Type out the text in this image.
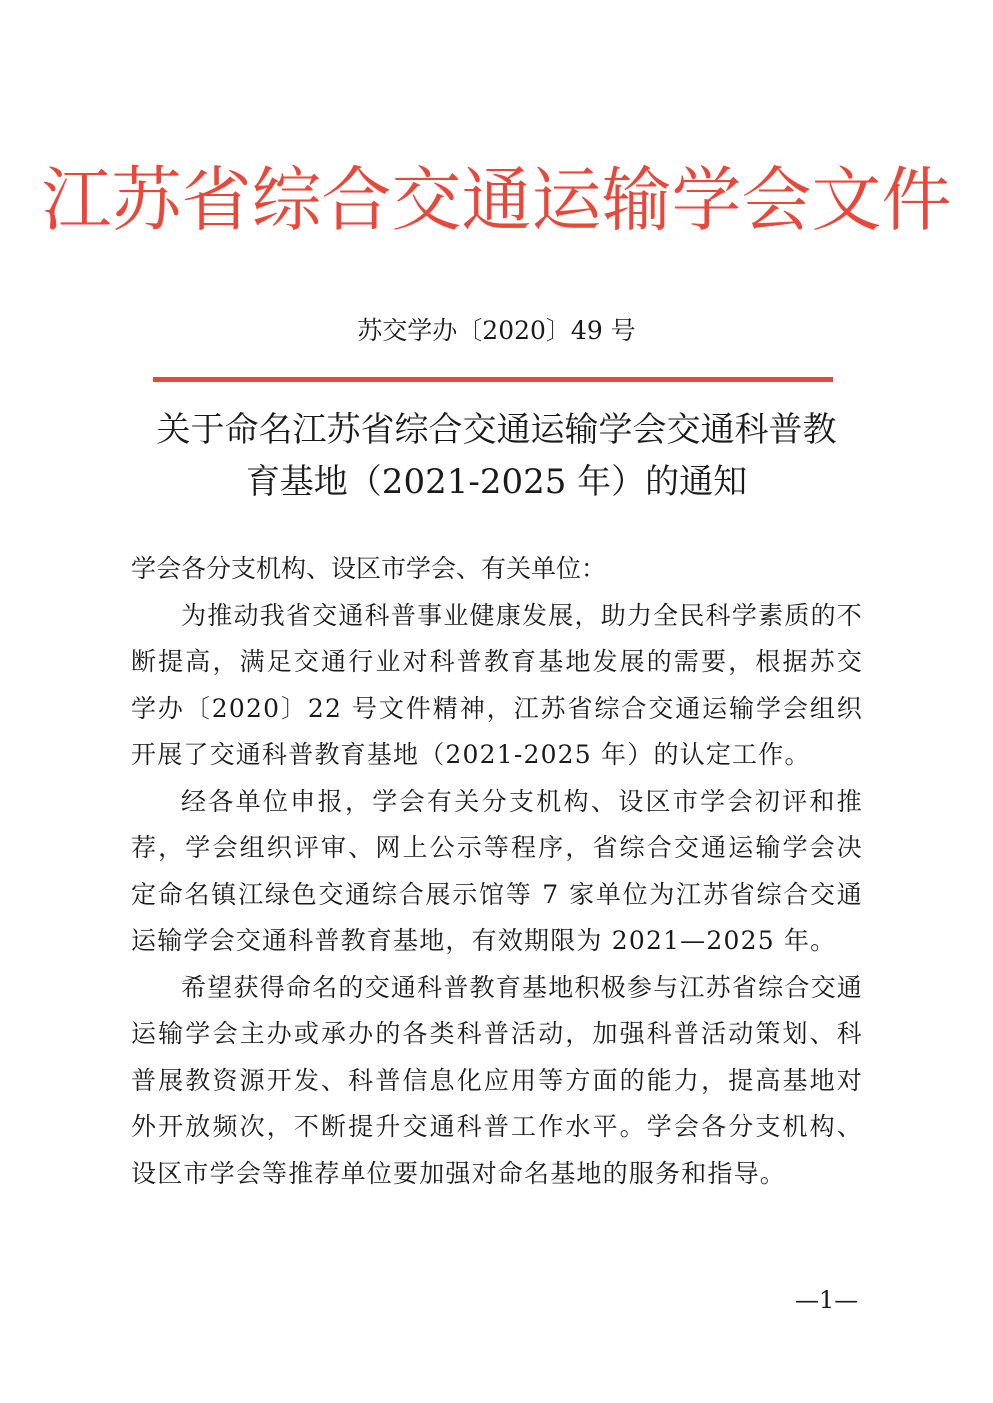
江苏省综合交通运输学会文件
苏交学办〔2020〕49 号
关于命名江苏省综合交通运输学会交通科普教
育基地（2021-2025 年）的通知

学会各分支机构、设区市学会、有关单位：

为推动我省交通科普事业健康发展，助力全民科学素质的不断提高，满足交通行业对科普教育基地发展的需要，根据苏交学办〔2020〕22 号文件精神，江苏省综合交通运输学会组织开展了交通科普教育基地（2021-2025 年）的认定工作。

经各单位申报，学会有关分支机构、设区市学会初评和推荐，学会组织评审、网上公示等程序，省综合交通运输学会决定命名镇江绿色交通综合展示馆等 7 家单位为江苏省综合交通运输学会交通科普教育基地，有效期限为 2021—2025 年。

希望获得命名的交通科普教育基地积极参与江苏省综合交通运输学会主办或承办的各类科普活动，加强科普活动策划、科普展教资源开发、科普信息化应用等方面的能力，提高基地对外开放频次，不断提升交通科普工作水平。学会各分支机构、设区市学会等推荐单位要加强对命名基地的服务和指导。

—1—
